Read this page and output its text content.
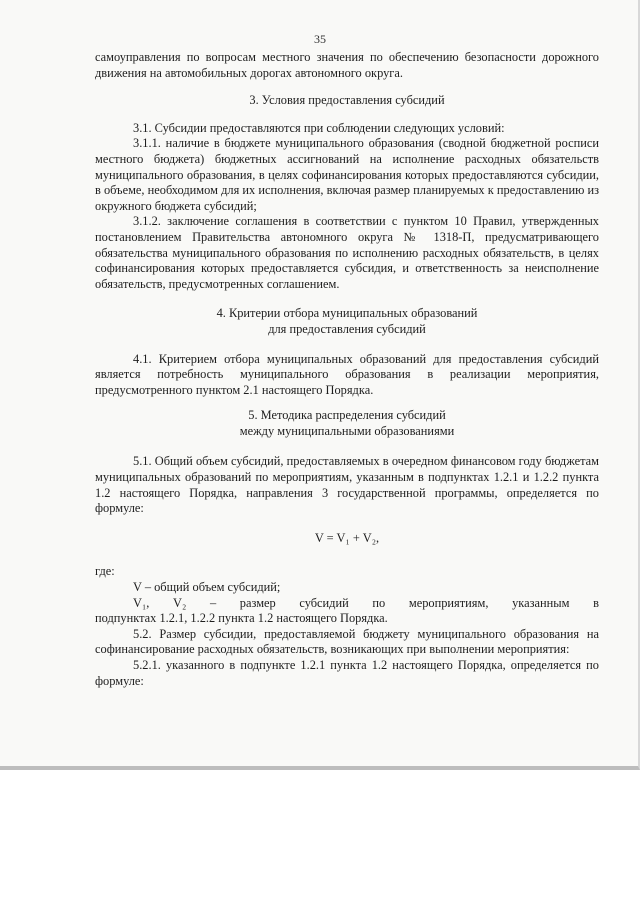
35

самоуправления по вопросам местного значения по обеспечению безопасности дорожного движения на автомобильных дорогах автономного округа.

3. Условия предоставления субсидий

3.1. Субсидии предоставляются при соблюдении следующих условий:

3.1.1. наличие в бюджете муниципального образования (сводной бюджетной росписи местного бюджета) бюджетных ассигнований на исполнение расходных обязательств муниципального образования, в целях софинансирования которых предоставляются субсидии, в объеме, необходимом для их исполнения, включая размер планируемых к предоставлению из окружного бюджета субсидий;

3.1.2. заключение соглашения в соответствии с пунктом 10 Правил, утвержденных постановлением Правительства автономного округа № 1318-П, предусматривающего обязательства муниципального образования по исполнению расходных обязательств, в целях софинансирования которых предоставляется субсидия, и ответственность за неисполнение обязательств, предусмотренных соглашением.

4. Критерии отбора муниципальных образований
для предоставления субсидий

4.1. Критерием отбора муниципальных образований для предоставления субсидий является потребность муниципального образования в реализации мероприятия, предусмотренного пунктом 2.1 настоящего Порядка.

5. Методика распределения субсидий
между муниципальными образованиями

5.1. Общий объем субсидий, предоставляемых в очередном финансовом году бюджетам муниципальных образований по мероприятиям, указанным в подпунктах 1.2.1 и 1.2.2 пункта 1.2 настоящего Порядка, направления 3 государственной программы, определяется по формуле:

V = V₁ + V₂,

где:

V – общий объем субсидий;

V₁, V₂ – размер субсидий по мероприятиям, указанным в

подпунктах 1.2.1, 1.2.2 пункта 1.2 настоящего Порядка.

5.2. Размер субсидии, предоставляемой бюджету муниципального образования на софинансирование расходных обязательств, возникающих при выполнении мероприятия:

5.2.1. указанного в подпункте 1.2.1 пункта 1.2 настоящего Порядка, определяется по формуле:
